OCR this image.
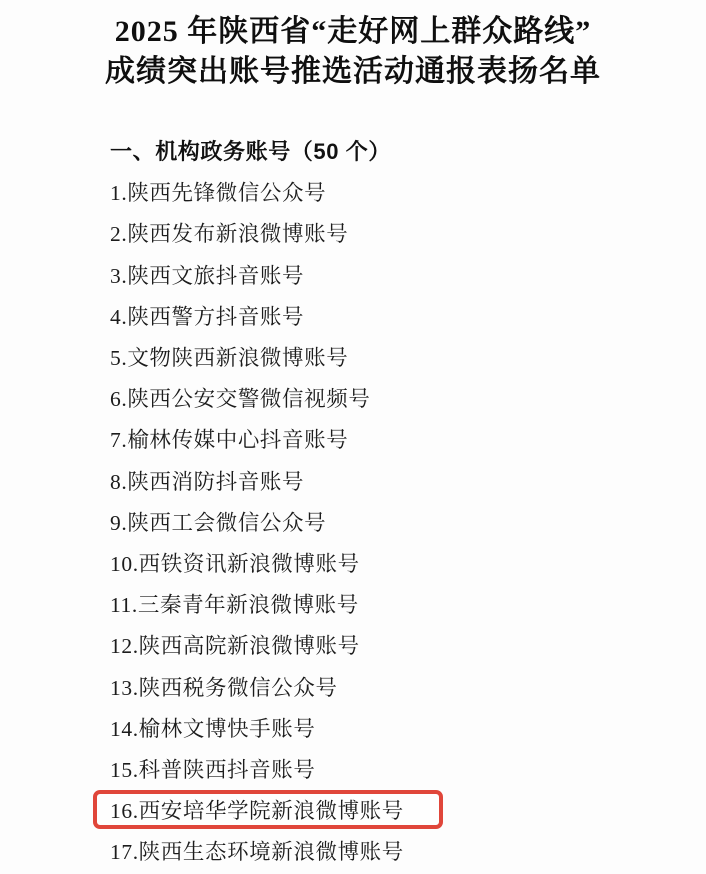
2025 年陕西省“走好网上群众路线”
成绩突出账号推选活动通报表扬名单
一、机构政务账号（50 个）
1.陕西先锋微信公众号
2.陕西发布新浪微博账号
3.陕西文旅抖音账号
4.陕西警方抖音账号
5.文物陕西新浪微博账号
6.陕西公安交警微信视频号
7.榆林传媒中心抖音账号
8.陕西消防抖音账号
9.陕西工会微信公众号
10.西铁资讯新浪微博账号
11.三秦青年新浪微博账号
12.陕西高院新浪微博账号
13.陕西税务微信公众号
14.榆林文博快手账号
15.科普陕西抖音账号
16.西安培华学院新浪微博账号
17.陕西生态环境新浪微博账号
